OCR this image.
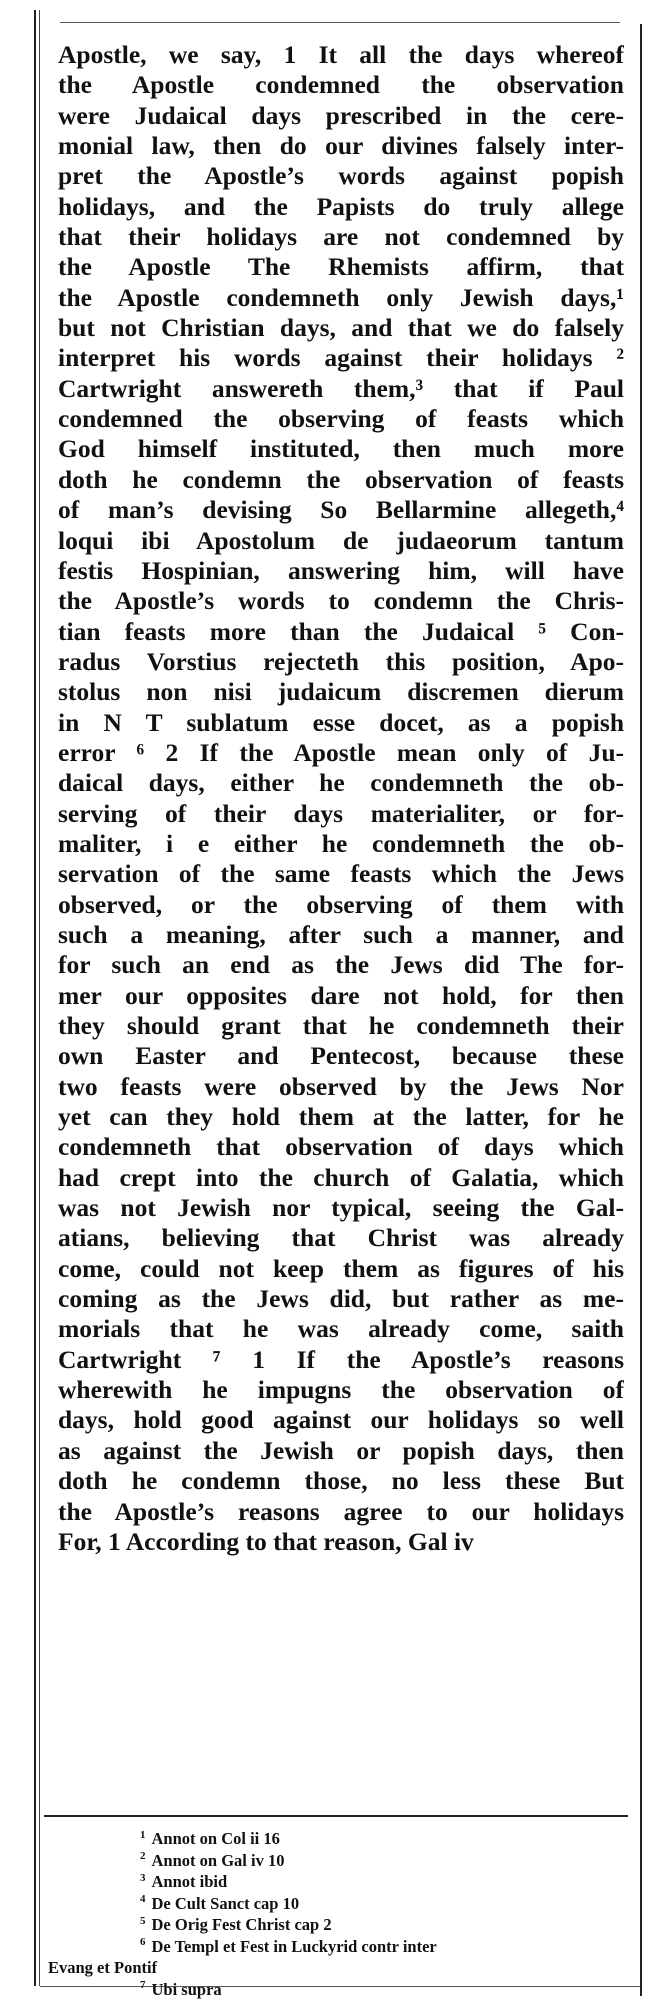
Apostle, we say, 1 It all the days whereof
the Apostle condemned the observation
were Judaical days prescribed in the cere-
monial law, then do our divines falsely inter-
pret the Apostle’s words against popish
holidays, and the Papists do truly allege
that their holidays are not condemned by
the Apostle The Rhemists affirm, that
the Apostle condemneth only Jewish days,¹
but not Christian days, and that we do falsely
interpret his words against their holidays ²
Cartwright answereth them,³ that if Paul
condemned the observing of feasts which
God himself instituted, then much more
doth he condemn the observation of feasts
of man’s devising So Bellarmine allegeth,⁴
loqui ibi Apostolum de judaeorum tantum
festis Hospinian, answering him, will have
the Apostle’s words to condemn the Chris-
tian feasts more than the Judaical ⁵ Con-
radus Vorstius rejecteth this position, Apo-
stolus non nisi judaicum discremen dierum
in N T sublatum esse docet, as a popish
error ⁶ 2 If the Apostle mean only of Ju-
daical days, either he condemneth the ob-
serving of their days materialiter, or for-
maliter, i e either he condemneth the ob-
servation of the same feasts which the Jews
observed, or the observing of them with
such a meaning, after such a manner, and
for such an end as the Jews did The for-
mer our opposites dare not hold, for then
they should grant that he condemneth their
own Easter and Pentecost, because these
two feasts were observed by the Jews Nor
yet can they hold them at the latter, for he
condemneth that observation of days which
had crept into the church of Galatia, which
was not Jewish nor typical, seeing the Gal-
atians, believing that Christ was already
come, could not keep them as figures of his
coming as the Jews did, but rather as me-
morials that he was already come, saith
Cartwright ⁷ 1 If the Apostle’s reasons
wherewith he impugns the observation of
days, hold good against our holidays so well
as against the Jewish or popish days, then
doth he condemn those, no less these But
the Apostle’s reasons agree to our holidays
For, 1 According to that reason, Gal iv
$^1$ Annot on Col ii 16
$^2$ Annot on Gal iv 10
$^3$ Annot ibid
$^4$ De Cult Sanct cap 10
$^5$ De Orig Fest Christ cap 2
$^6$ De Templ et Fest in Luckyrid contr inter
Evang et Pontif
$^7$ Ubi supra
